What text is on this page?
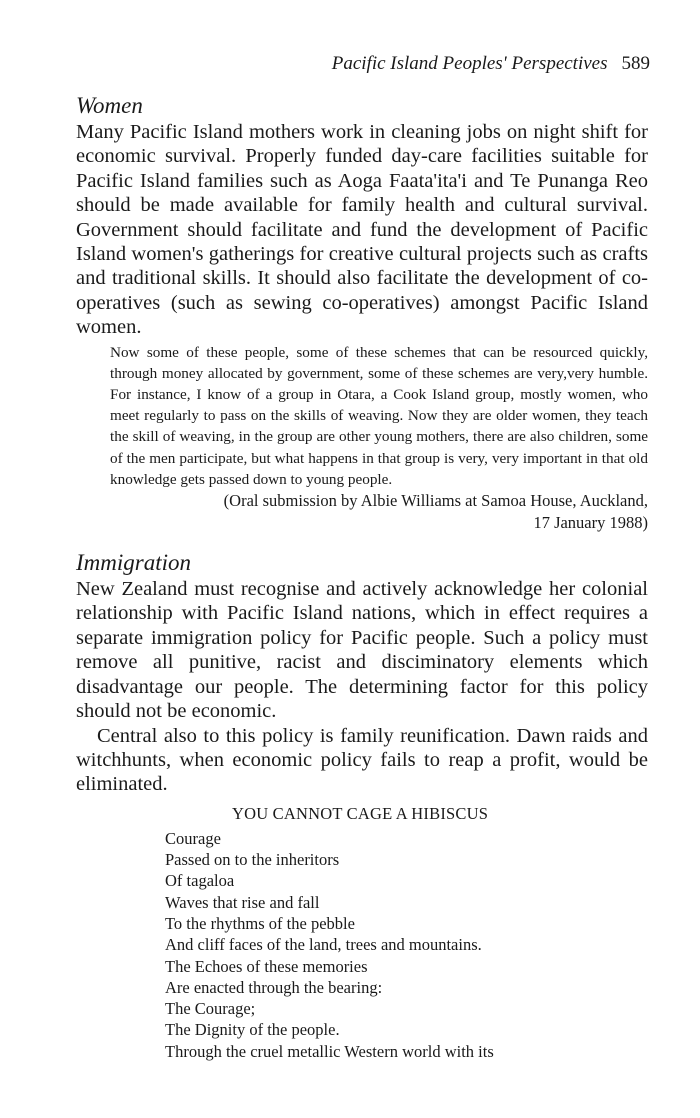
Pacific Island Peoples' Perspectives 589
Women

Many Pacific Island mothers work in cleaning jobs on night shift for economic survival. Properly funded day-care facilities suitable for Pacific Island families such as Aoga Faata'ita'i and Te Punanga Reo should be made available for family health and cultural survival. Government should facilitate and fund the development of Pacific Island women's gatherings for creative cultural projects such as crafts and traditional skills. It should also facilitate the development of co-operatives (such as sewing co-operatives) amongst Pacific Island women.

Now some of these people, some of these schemes that can be resourced quickly, through money allocated by government, some of these schemes are very,very humble. For instance, I know of a group in Otara, a Cook Island group, mostly women, who meet regularly to pass on the skills of weaving. Now they are older women, they teach the skill of weaving, in the group are other young mothers, there are also children, some of the men participate, but what happens in that group is very, very important in that old knowledge gets passed down to young people.

(Oral submission by Albie Williams at Samoa House, Auckland,

17 January 1988)

Immigration

New Zealand must recognise and actively acknowledge her colonial relationship with Pacific Island nations, which in effect requires a separate immigration policy for Pacific people. Such a policy must remove all punitive, racist and disciminatory elements which disadvantage our people. The determining factor for this policy should not be economic.

Central also to this policy is family reunification. Dawn raids and witchhunts, when economic policy fails to reap a profit, would be eliminated.

YOU CANNOT CAGE A HIBISCUS
Courage
Passed on to the inheritors
Of tagaloa
Waves that rise and fall
To the rhythms of the pebble
And cliff faces of the land, trees and mountains.
The Echoes of these memories
Are enacted through the bearing:
The Courage;
The Dignity of the people.
Through the cruel metallic Western world with its
